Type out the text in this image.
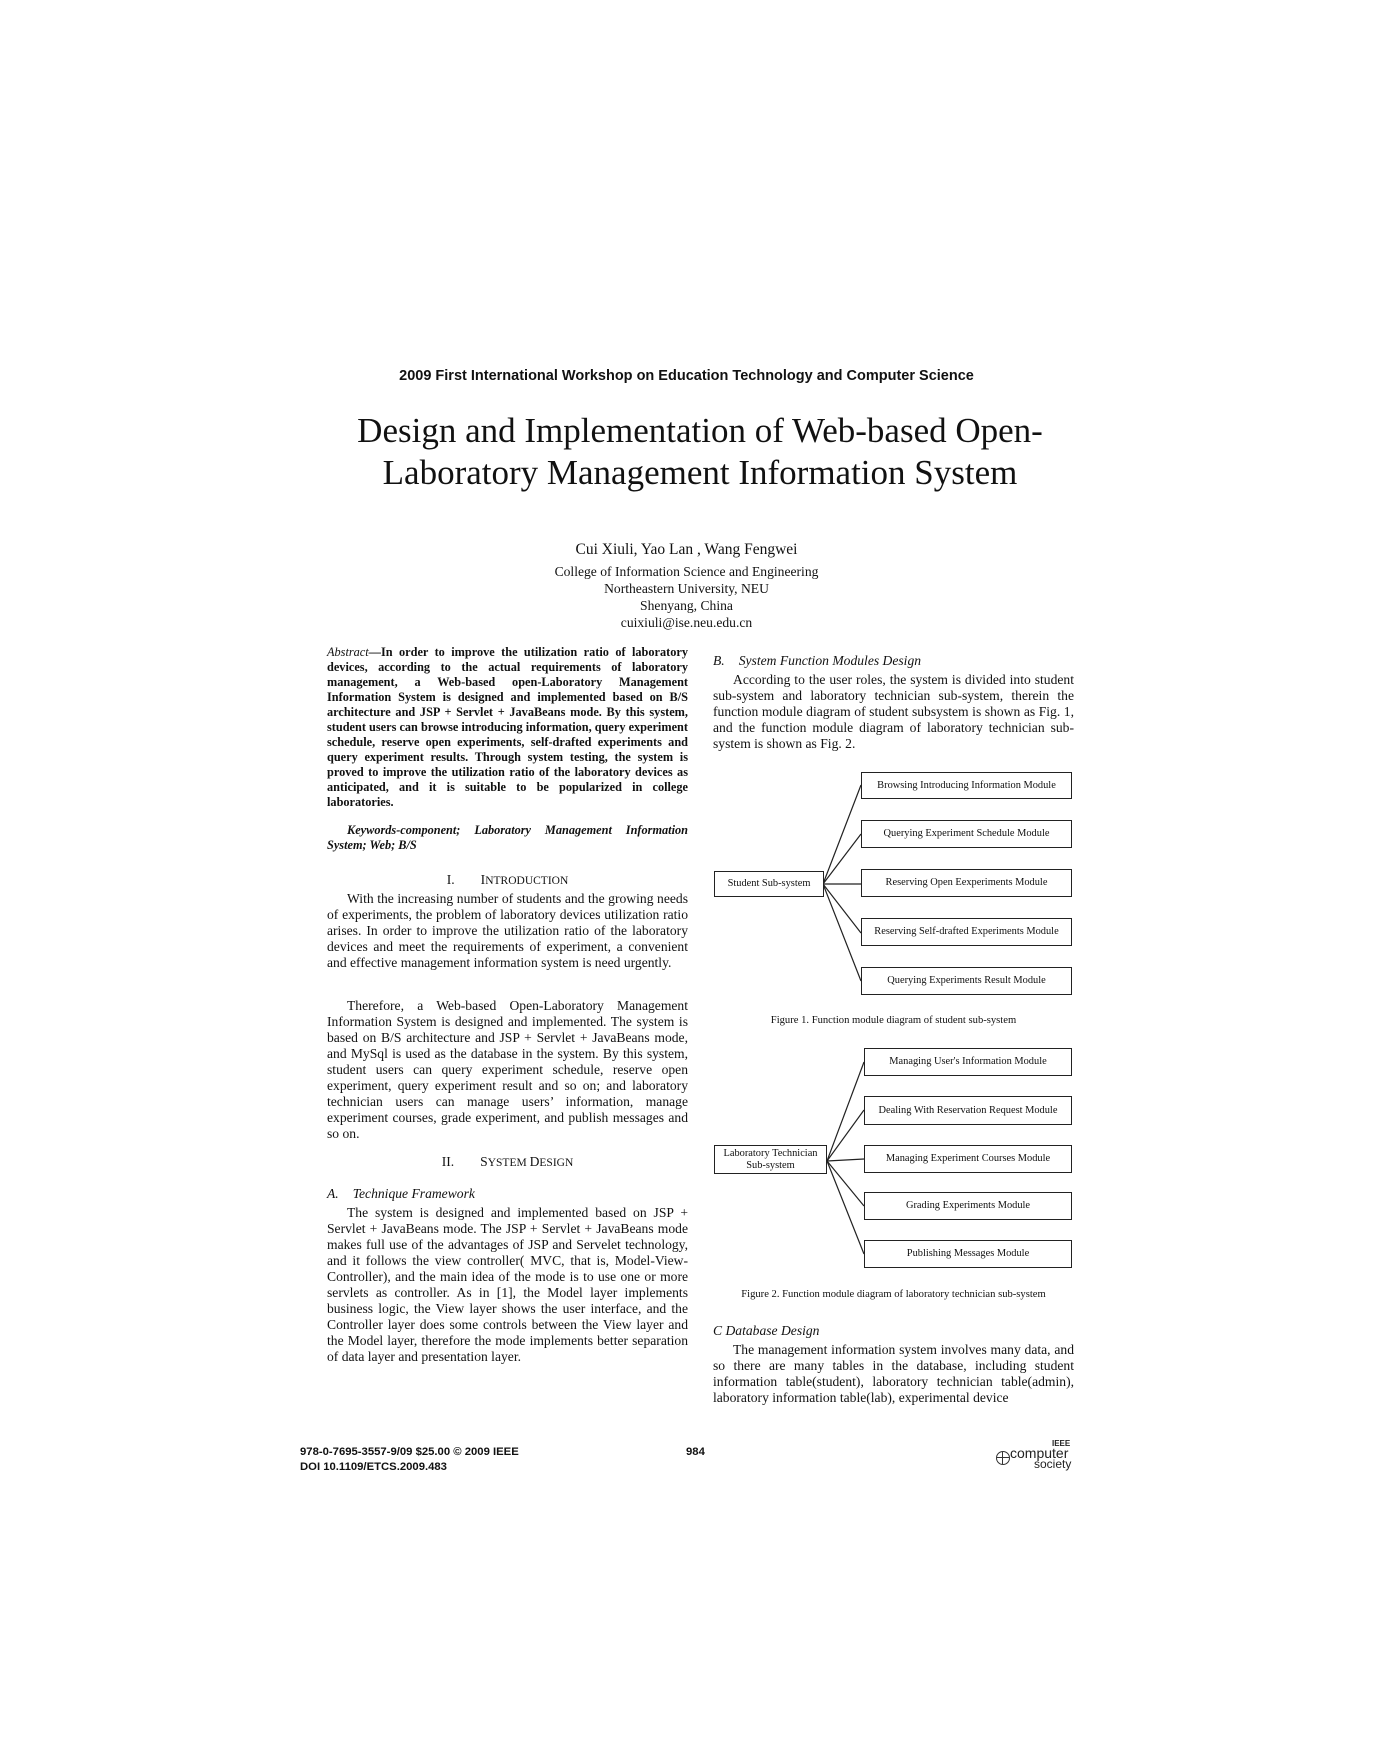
2009 First International Workshop on Education Technology and Computer Science
Design and Implementation of Web-based Open-
Laboratory Management Information System
Cui Xiuli, Yao Lan , Wang Fengwei
College of Information Science and Engineering
Northeastern University, NEU
Shenyang, China
cuixiuli@ise.neu.edu.cn
Abstract—In order to improve the utilization ratio of laboratory devices, according to the actual requirements of laboratory management, a Web-based open-Laboratory Management Information System is designed and implemented based on B/S architecture and JSP + Servlet + JavaBeans mode. By this system, student users can browse introducing information, query experiment schedule, reserve open experiments, self-drafted experiments and query experiment results. Through system testing, the system is proved to improve the utilization ratio of the laboratory devices as anticipated, and it is suitable to be popularized in college laboratories.
Keywords-component; Laboratory Management Information System; Web; B/S
I. INTRODUCTION
With the increasing number of students and the growing needs of experiments, the problem of laboratory devices utilization ratio arises. In order to improve the utilization ratio of the laboratory devices and meet the requirements of experiment, a convenient and effective management information system is need urgently.
Therefore, a Web-based Open-Laboratory Management Information System is designed and implemented. The system is based on B/S architecture and JSP + Servlet + JavaBeans mode, and MySql is used as the database in the system. By this system, student users can query experiment schedule, reserve open experiment, query experiment result and so on; and laboratory technician users can manage users’ information, manage experiment courses, grade experiment, and publish messages and so on.
II. SYSTEM DESIGN
A. Technique Framework
The system is designed and implemented based on JSP + Servlet + JavaBeans mode. The JSP + Servlet + JavaBeans mode makes full use of the advantages of JSP and Servelet technology, and it follows the view controller( MVC, that is, Model-View-Controller), and the main idea of the mode is to use one or more servlets as controller. As in [1], the Model layer implements business logic, the View layer shows the user interface, and the Controller layer does some controls between the View layer and the Model layer, therefore the mode implements better separation of data layer and presentation layer.
B. System Function Modules Design
According to the user roles, the system is divided into student sub-system and laboratory technician sub-system, therein the function module diagram of student subsystem is shown as Fig. 1, and the function module diagram of laboratory technician sub-system is shown as Fig. 2.
Student Sub-system
Browsing Introducing Information Module
Querying Experiment Schedule Module
Reserving Open Eexperiments Module
Reserving Self-drafted Experiments Module
Querying Experiments Result Module
Figure 1. Function module diagram of student sub-system
Laboratory Technician
Sub-system
Managing User's Information Module
Dealing With Reservation Request Module
Managing Experiment Courses Module
Grading Experiments Module
Publishing Messages Module
Figure 2. Function module diagram of laboratory technician sub-system
C Database Design
The management information system involves many data, and so there are many tables in the database, including student information table(student), laboratory technician table(admin), laboratory information table(lab), experimental device
978-0-7695-3557-9/09 $25.00 © 2009 IEEE
DOI 10.1109/ETCS.2009.483
984
IEEE
computer
society
